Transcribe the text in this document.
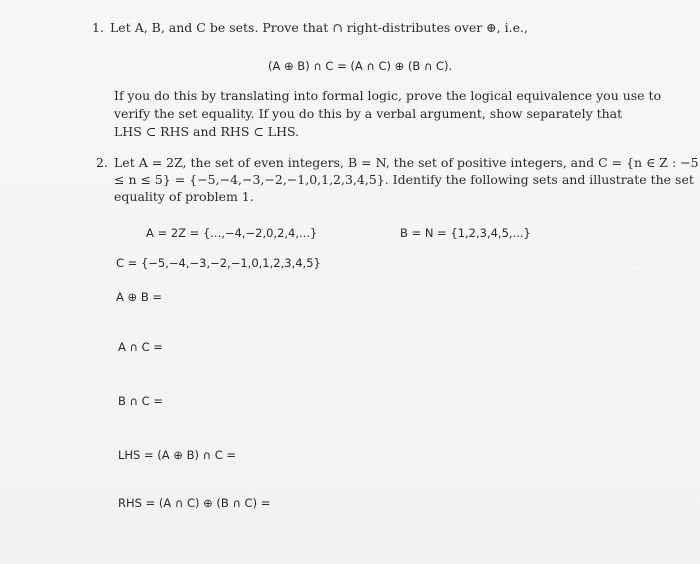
1. Let A, B, and C be sets. Prove that ∩ right-distributes over ⊕, i.e.,
(A ⊕ B) ∩ C = (A ∩ C) ⊕ (B ∩ C).
If you do this by translating into formal logic, prove the logical equivalence you use to
verify the set equality. If you do this by a verbal argument, show separately that
LHS ⊂ RHS and RHS ⊂ LHS.
2. Let A = 2Z, the set of even integers, B = N, the set of positive integers, and C = {n ∈ Z : −5
≤ n ≤ 5} = {−5,−4,−3,−2,−1,0,1,2,3,4,5}. Identify the following sets and illustrate the set
equality of problem 1.
A = 2Z = {...,−4,−2,0,2,4,...}	B = N = {1,2,3,4,5,...}
C = {−5,−4,−3,−2,−1,0,1,2,3,4,5}
A ⊕ B =
A ∩ C =
B ∩ C =
LHS = (A ⊕ B) ∩ C =
RHS = (A ∩ C) ⊕ (B ∩ C) =
